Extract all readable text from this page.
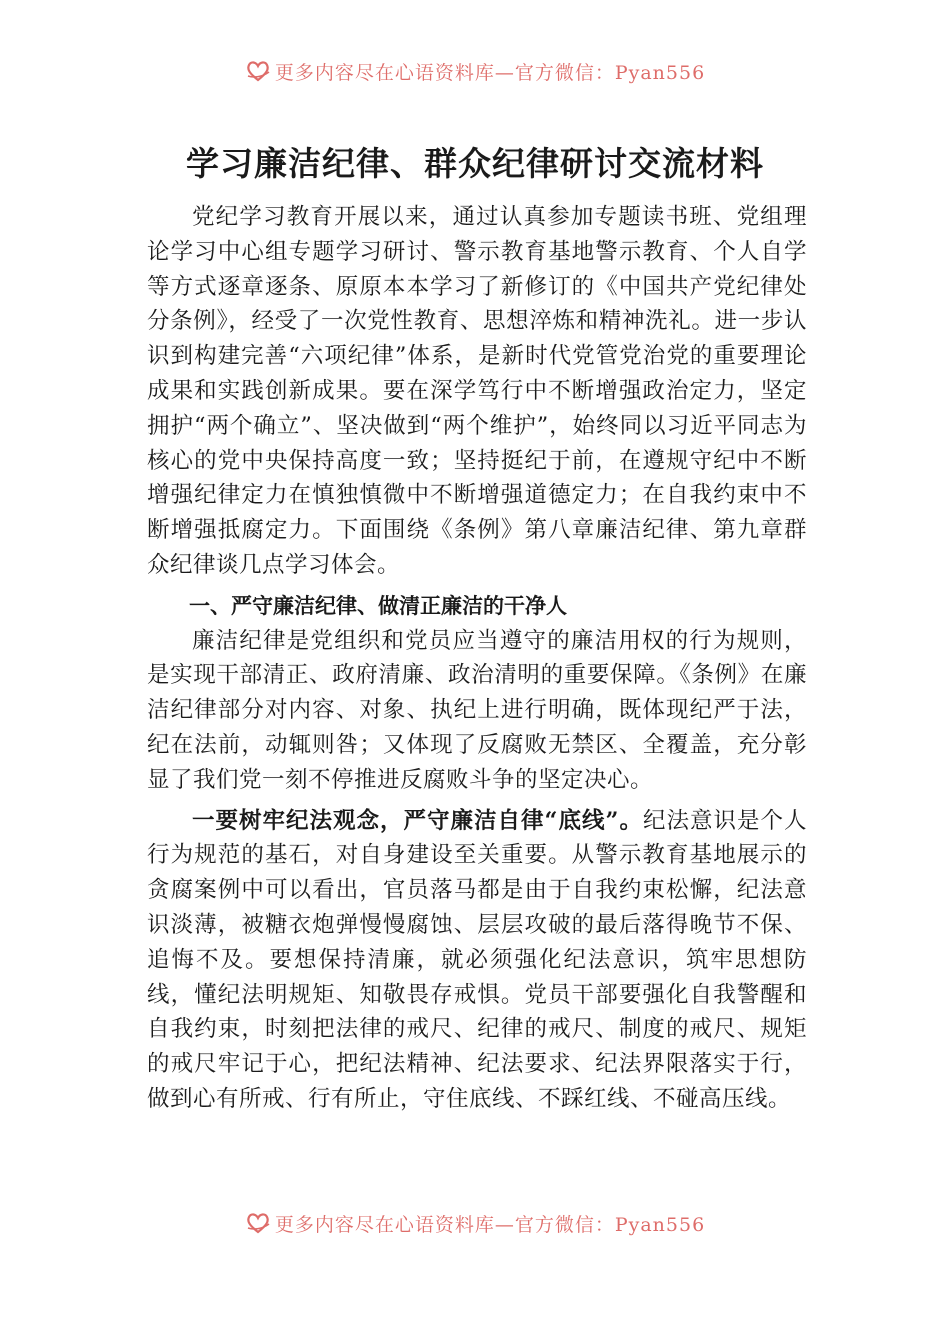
更多内容尽在心语资料库—官方微信：Pyan556
学习廉洁纪律、群众纪律研讨交流材料

党纪学习教育开展以来，通过认真参加专题读书班、党组理论学习中心组专题学习研讨、警示教育基地警示教育、个人自学等方式逐章逐条、原原本本学习了新修订的《中国共产党纪律处分条例》，经受了一次党性教育、思想淬炼和精神洗礼。进一步认识到构建完善“六项纪律”体系，是新时代党管党治党的重要理论成果和实践创新成果。要在深学笃行中不断增强政治定力，坚定拥护“两个确立”、坚决做到“两个维护”，始终同以习近平同志为核心的党中央保持高度一致；坚持挺纪于前，在遵规守纪中不断增强纪律定力在慎独慎微中不断增强道德定力；在自我约束中不断增强抵腐定力。下面围绕《条例》第八章廉洁纪律、第九章群众纪律谈几点学习体会。

一、严守廉洁纪律、做清正廉洁的干净人

廉洁纪律是党组织和党员应当遵守的廉洁用权的行为规则，是实现干部清正、政府清廉、政治清明的重要保障。《条例》在廉洁纪律部分对内容、对象、执纪上进行明确，既体现纪严于法，纪在法前，动辄则咎；又体现了反腐败无禁区、全覆盖，充分彰显了我们党一刻不停推进反腐败斗争的坚定决心。

一要树牢纪法观念，严守廉洁自律“底线”。纪法意识是个人行为规范的基石，对自身建设至关重要。从警示教育基地展示的贪腐案例中可以看出，官员落马都是由于自我约束松懈，纪法意识淡薄，被糖衣炮弹慢慢腐蚀、层层攻破的最后落得晚节不保、追悔不及。要想保持清廉，就必须强化纪法意识，筑牢思想防线，懂纪法明规矩、知敬畏存戒惧。党员干部要强化自我警醒和自我约束，时刻把法律的戒尺、纪律的戒尺、制度的戒尺、规矩的戒尺牢记于心，把纪法精神、纪法要求、纪法界限落实于行，做到心有所戒、行有所止，守住底线、不踩红线、不碰高压线。

更多内容尽在心语资料库—官方微信：Pyan556
